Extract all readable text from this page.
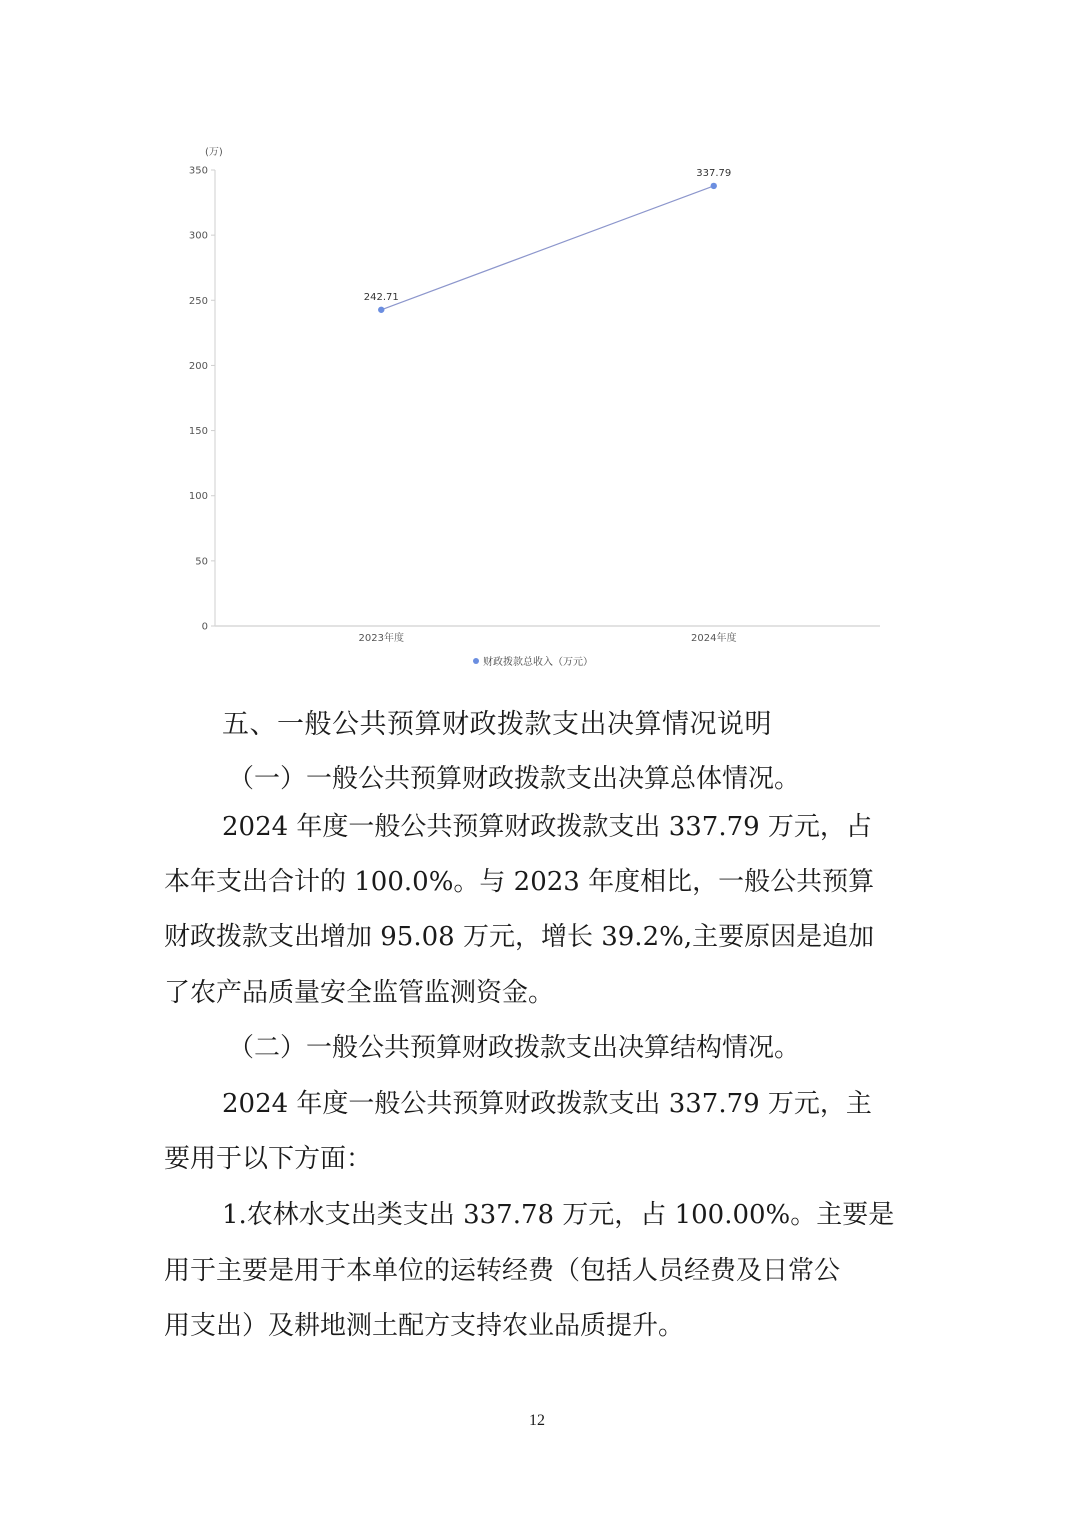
(万)
0
50
100
150
200
250
300
350
2023年度	2024年度
242.71
337.79
财政拨款总收入（万元）
五、一般公共预算财政拨款支出决算情况说明
（一）一般公共预算财政拨款支出决算总体情况。
2024 年度一般公共预算财政拨款支出 337.79 万元，占
本年支出合计的 100.0%。与 2023 年度相比，一般公共预算
财政拨款支出增加 95.08 万元，增长 39.2%,主要原因是追加
了农产品质量安全监管监测资金。
（二）一般公共预算财政拨款支出决算结构情况。
2024 年度一般公共预算财政拨款支出 337.79 万元，主
要用于以下方面：
1.农林水支出类支出 337.78 万元，占 100.00%。主要是
用于主要是用于本单位的运转经费（包括人员经费及日常公
用支出）及耕地测土配方支持农业品质提升。
12
